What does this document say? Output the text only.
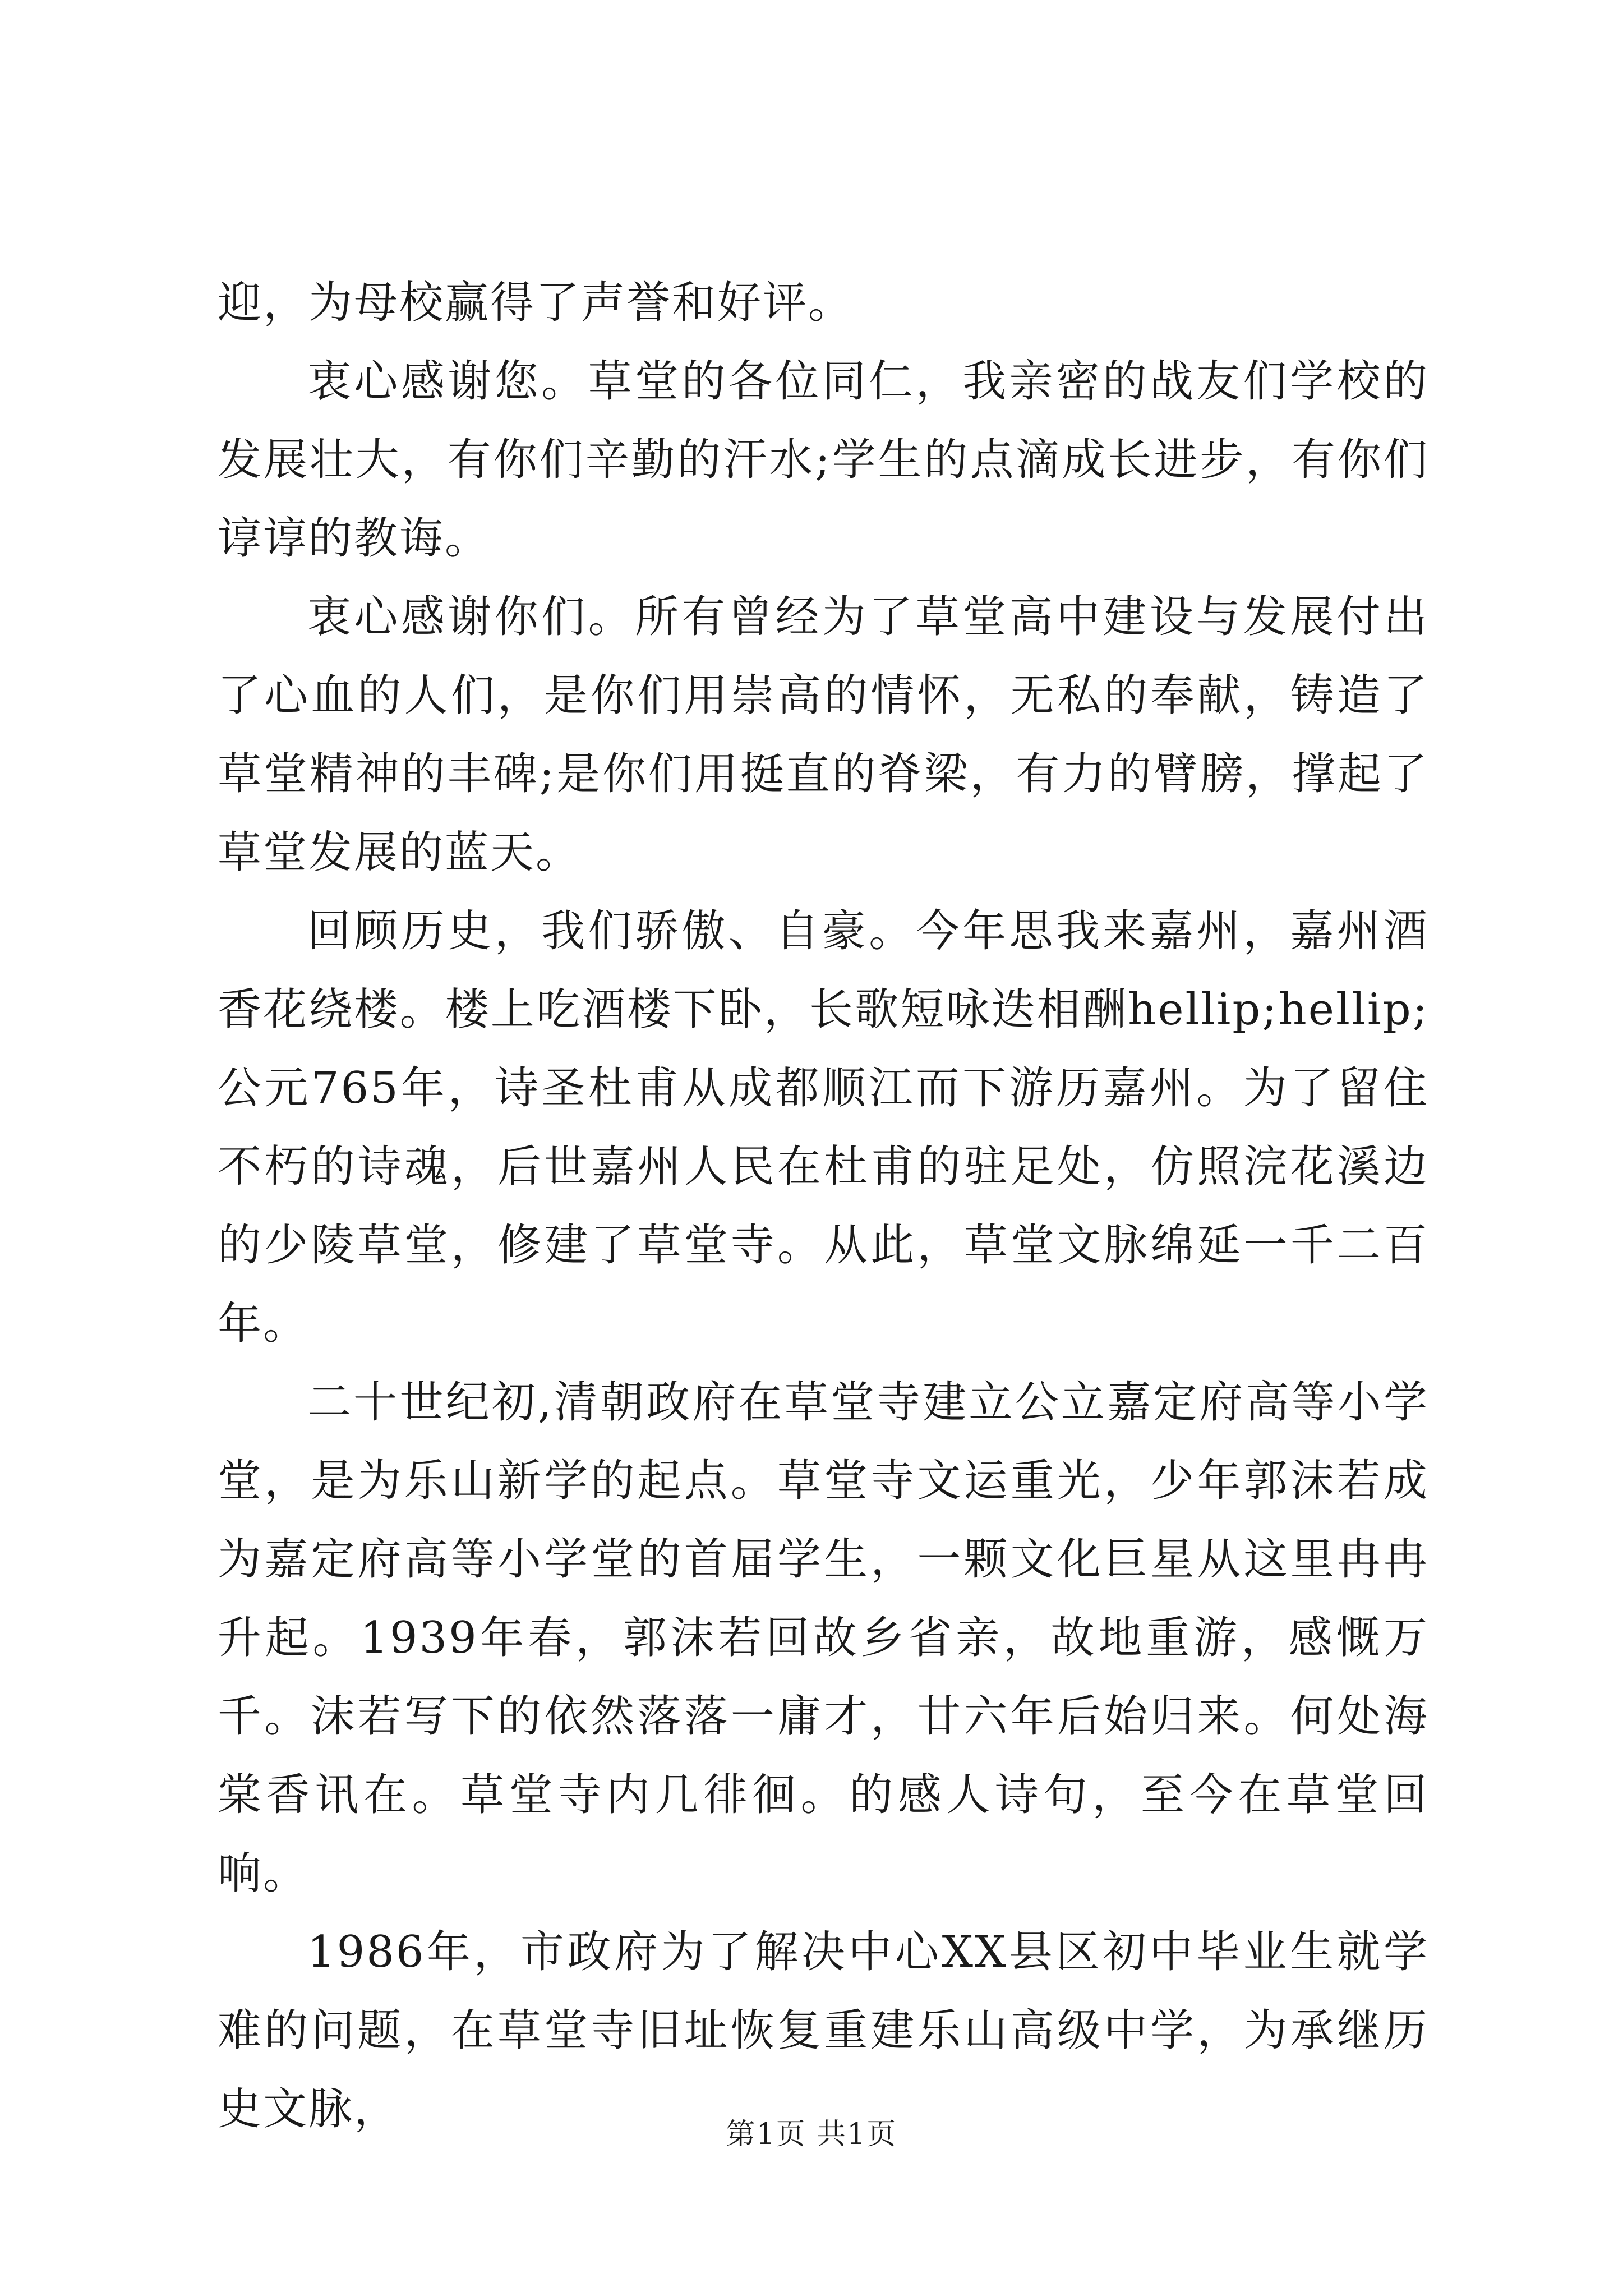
迎，为母校赢得了声誉和好评。

衷心感谢您。草堂的各位同仁，我亲密的战友们学校的发展壮大，有你们辛勤的汗水;学生的点滴成长进步，有你们谆谆的教诲。

衷心感谢你们。所有曾经为了草堂高中建设与发展付出了心血的人们，是你们用崇高的情怀，无私的奉献，铸造了草堂精神的丰碑;是你们用挺直的脊梁，有力的臂膀，撑起了草堂发展的蓝天。

回顾历史，我们骄傲、自豪。今年思我来嘉州，嘉州酒香花绕楼。楼上吃酒楼下卧，长歌短咏迭相酬hellip;hellip;公元765年，诗圣杜甫从成都顺江而下游历嘉州。为了留住不朽的诗魂，后世嘉州人民在杜甫的驻足处，仿照浣花溪边的少陵草堂，修建了草堂寺。从此，草堂文脉绵延一千二百年。

二十世纪初,清朝政府在草堂寺建立公立嘉定府高等小学堂，是为乐山新学的起点。草堂寺文运重光，少年郭沫若成为嘉定府高等小学堂的首届学生，一颗文化巨星从这里冉冉升起。1939年春，郭沫若回故乡省亲，故地重游，感慨万千。沫若写下的依然落落一庸才，廿六年后始归来。何处海棠香讯在。草堂寺内几徘徊。的感人诗句，至今在草堂回响。

1986年，市政府为了解决中心XX县区初中毕业生就学难的问题，在草堂寺旧址恢复重建乐山高级中学，为承继历史文脉，	第1页 共1页
